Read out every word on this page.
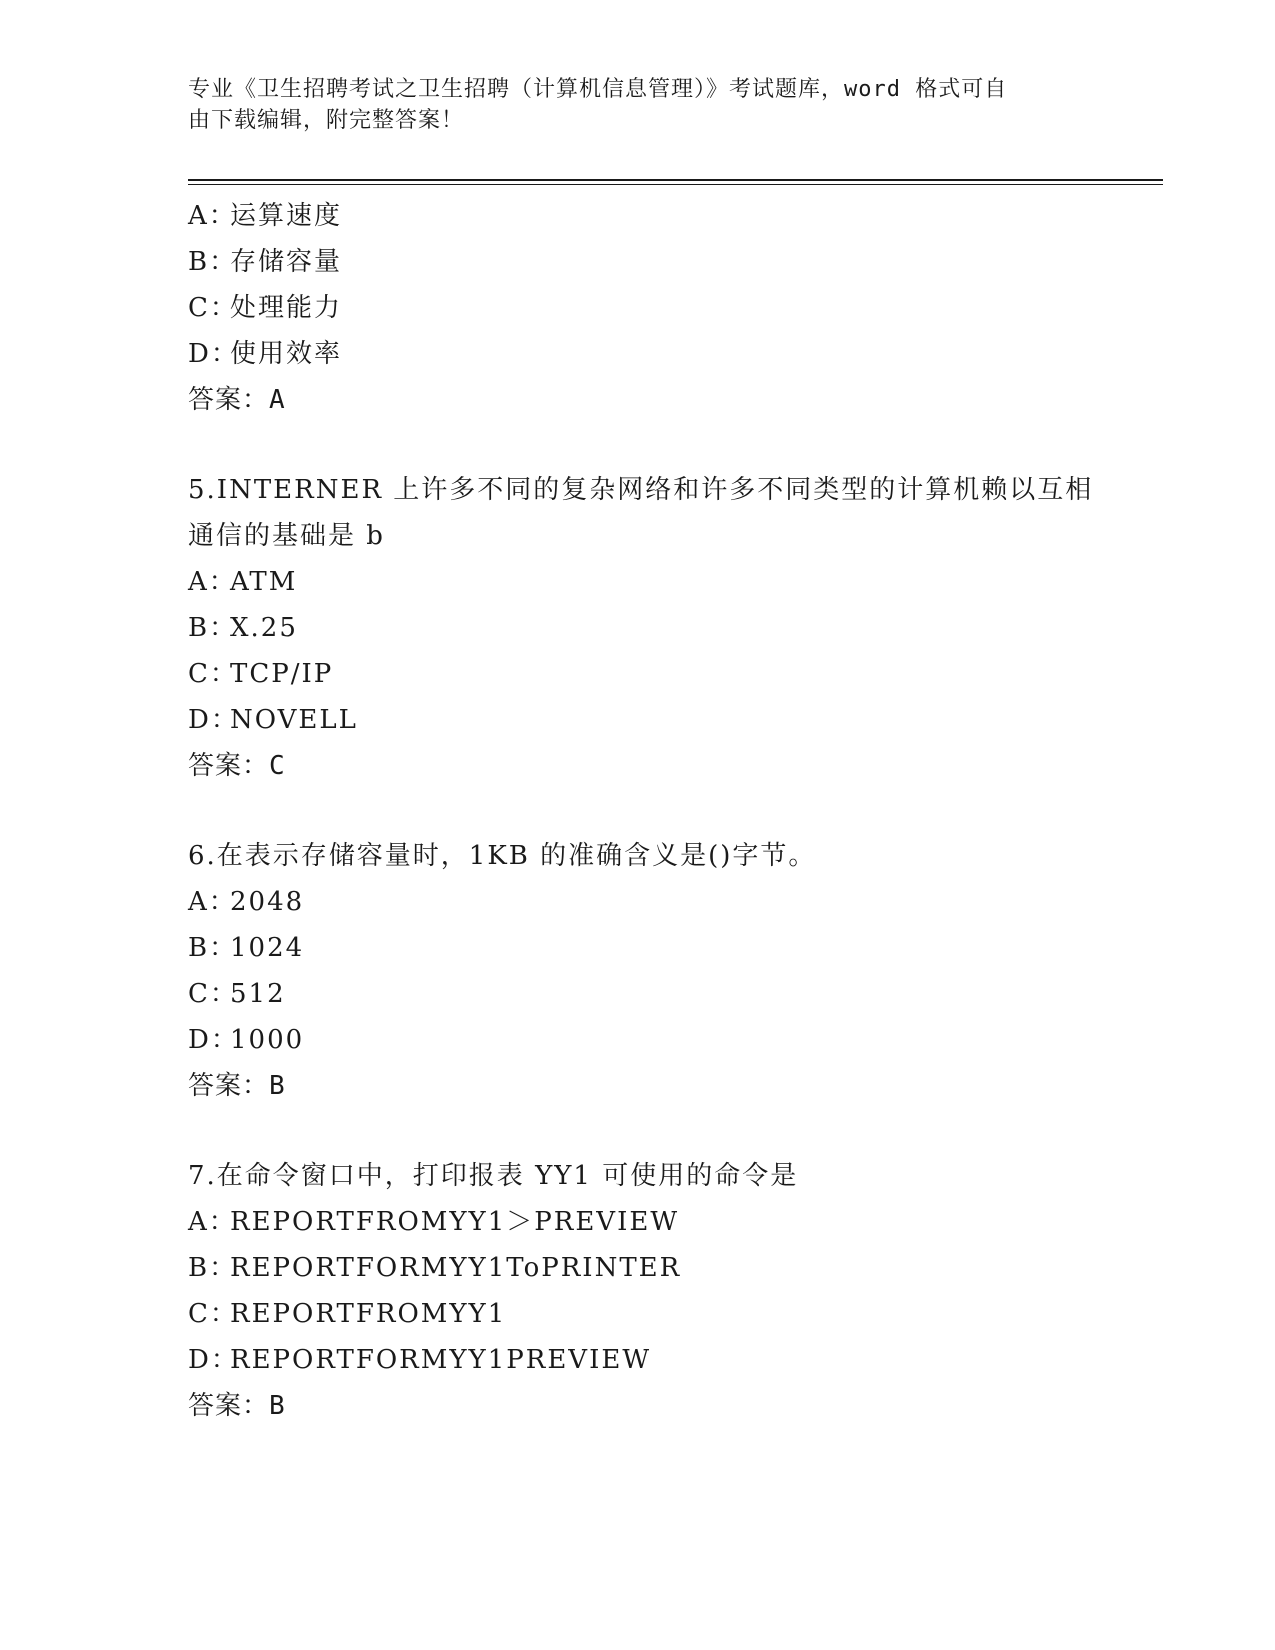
专业《卫生招聘考试之卫生招聘（计算机信息管理）》考试题库，word 格式可自
由下载编辑，附完整答案！
A：运算速度
B：存储容量
C：处理能力
D：使用效率
答案：A
5.INTERNER 上许多不同的复杂网络和许多不同类型的计算机赖以互相
通信的基础是 b
A：ATM
B：X.25
C：TCP/IP
D：NOVELL
答案：C
6.在表示存储容量时，1KB 的准确含义是()字节。
A：2048
B：1024
C：512
D：1000
答案：B
7.在命令窗口中，打印报表 YY1 可使用的命令是
A：REPORTFROMYY1＞PREVIEW
B：REPORTFORMYY1ToPRINTER
C：REPORTFROMYY1
D：REPORTFORMYY1PREVIEW
答案：B
